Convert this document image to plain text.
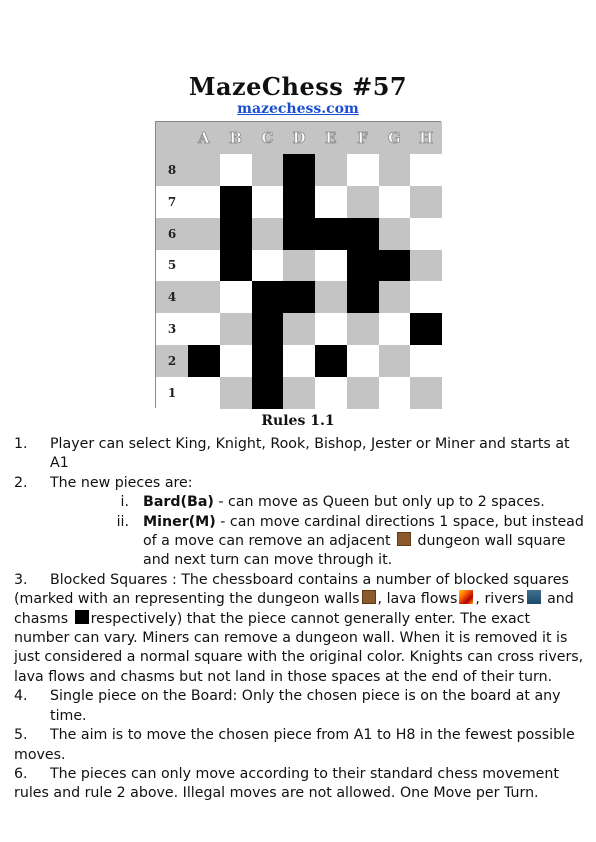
MazeChess #57
mazechess.com
A	B	C	D	E	F	G	H
8
7
6
5
4
3
2
1
Rules 1.1
1.	Player can select King, Knight, Rook, Bishop, Jester or Miner and starts at A1
2.	The new pieces are:
i. Bard(Ba) - can move as Queen but only up to 2 spaces.
ii. Miner(M) - can move cardinal directions 1 space, but instead of a move can remove an adjacent  dungeon wall square and next turn can move through it.
3. Blocked Squares : The chessboard contains a number of blocked squares (marked with an representing the dungeon walls , lava flows , rivers and chasms respectively) that the piece cannot generally enter. The exact number can vary. Miners can remove a dungeon wall. When it is removed it is just considered a normal square with the original color. Knights can cross rivers, lava flows and chasms but not land in those spaces at the end of their turn.
4.	Single piece on the Board: Only the chosen piece is on the board at any time.
5. The aim is to move the chosen piece from A1 to H8 in the fewest possible moves.
6. The pieces can only move according to their standard chess movement rules and rule 2 above. Illegal moves are not allowed. One Move per Turn.
